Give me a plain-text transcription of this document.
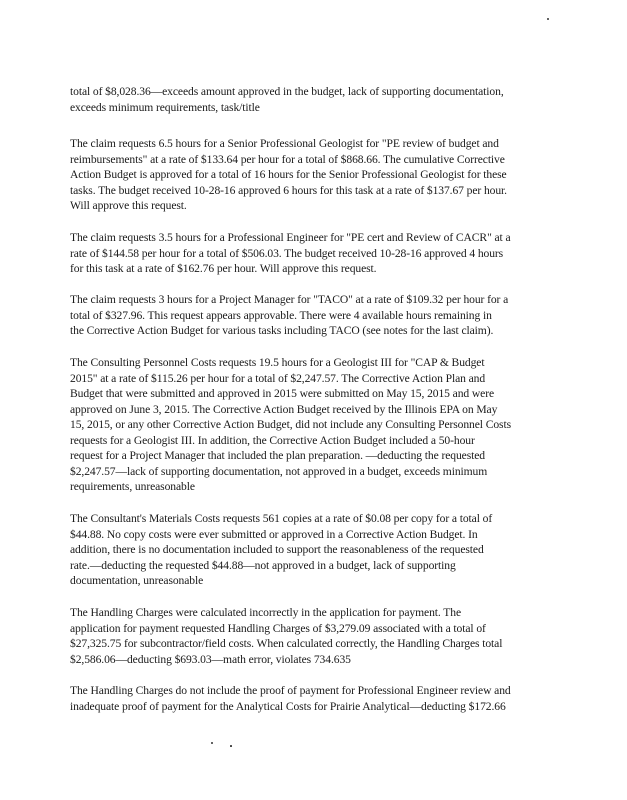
total of $8,028.36—exceeds amount approved in the budget, lack of supporting documentation,
exceeds minimum requirements, task/title

The claim requests 6.5 hours for a Senior Professional Geologist for "PE review of budget and
reimbursements" at a rate of $133.64 per hour for a total of $868.66. The cumulative Corrective
Action Budget is approved for a total of 16 hours for the Senior Professional Geologist for these
tasks. The budget received 10-28-16 approved 6 hours for this task at a rate of $137.67 per hour.
Will approve this request.

The claim requests 3.5 hours for a Professional Engineer for "PE cert and Review of CACR" at a
rate of $144.58 per hour for a total of $506.03. The budget received 10-28-16 approved 4 hours
for this task at a rate of $162.76 per hour. Will approve this request.

The claim requests 3 hours for a Project Manager for "TACO" at a rate of $109.32 per hour for a
total of $327.96. This request appears approvable. There were 4 available hours remaining in
the Corrective Action Budget for various tasks including TACO (see notes for the last claim).

The Consulting Personnel Costs requests 19.5 hours for a Geologist III for "CAP & Budget
2015" at a rate of $115.26 per hour for a total of $2,247.57. The Corrective Action Plan and
Budget that were submitted and approved in 2015 were submitted on May 15, 2015 and were
approved on June 3, 2015. The Corrective Action Budget received by the Illinois EPA on May
15, 2015, or any other Corrective Action Budget, did not include any Consulting Personnel Costs
requests for a Geologist III. In addition, the Corrective Action Budget included a 50-hour
request for a Project Manager that included the plan preparation. —deducting the requested
$2,247.57—lack of supporting documentation, not approved in a budget, exceeds minimum
requirements, unreasonable

The Consultant's Materials Costs requests 561 copies at a rate of $0.08 per copy for a total of
$44.88. No copy costs were ever submitted or approved in a Corrective Action Budget. In
addition, there is no documentation included to support the reasonableness of the requested
rate.—deducting the requested $44.88—not approved in a budget, lack of supporting
documentation, unreasonable

The Handling Charges were calculated incorrectly in the application for payment. The
application for payment requested Handling Charges of $3,279.09 associated with a total of
$27,325.75 for subcontractor/field costs. When calculated correctly, the Handling Charges total
$2,586.06—deducting $693.03—math error, violates 734.635

The Handling Charges do not include the proof of payment for Professional Engineer review and
inadequate proof of payment for the Analytical Costs for Prairie Analytical—deducting $172.66
